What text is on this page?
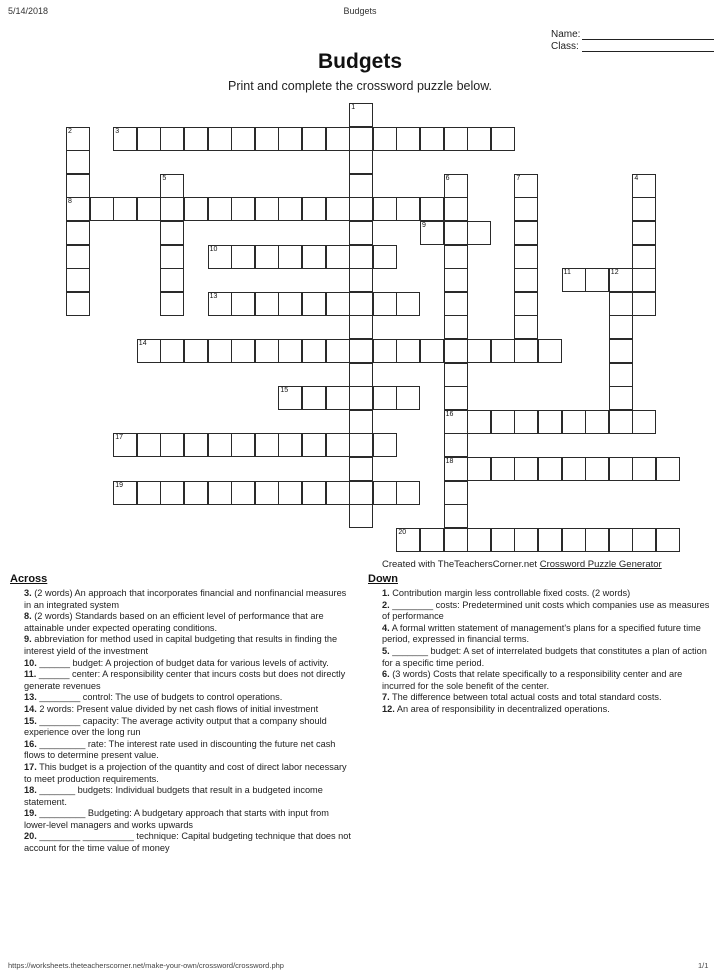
5/14/2018	Budgets
Name:
Class:
Budgets
Print and complete the crossword puzzle below.
3
8
9
10
11	12
13
14
15
16
17
18
19
20
1
2
4
5	6	7
Created with TheTeachersCorner.net Crossword Puzzle Generator
Across
3. (2 words) An approach that incorporates financial and nonfinancial measures in an integrated system
8. (2 words) Standards based on an efficient level of performance that are attainable under expected operating conditions.
9. abbreviation for method used in capital budgeting that results in finding the interest yield of the investment
10. ______ budget: A projection of budget data for various levels of activity.
11. ______ center: A responsibility center that incurs costs but does not directly generate revenues
13. ________ control: The use of budgets to control operations.
14. 2 words: Present value divided by net cash flows of initial investment
15. ________ capacity: The average activity output that a company should experience over the long run
16. _________ rate: The interest rate used in discounting the future net cash flows to determine present value.
17. This budget is a projection of the quantity and cost of direct labor necessary to meet production requirements.
18. _______ budgets: Individual budgets that result in a budgeted income statement.
19. _________ Budgeting: A budgetary approach that starts with input from lower-level managers and works upwards
20. ________ __________ technique: Capital budgeting technique that does not account for the time value of money
Down
1. Contribution margin less controllable fixed costs. (2 words)
2. ________ costs: Predetermined unit costs which companies use as measures of performance
4. A formal written statement of management's plans for a specified future time period, expressed in financial terms.
5. _______ budget: A set of interrelated budgets that constitutes a plan of action for a specific time period.
6. (3 words) Costs that relate specifically to a responsibility center and are incurred for the sole benefit of the center.
7. The difference between total actual costs and total standard costs.
12. An area of responsibility in decentralized operations.
https://worksheets.theteacherscorner.net/make-your-own/crossword/crossword.php	1/1
